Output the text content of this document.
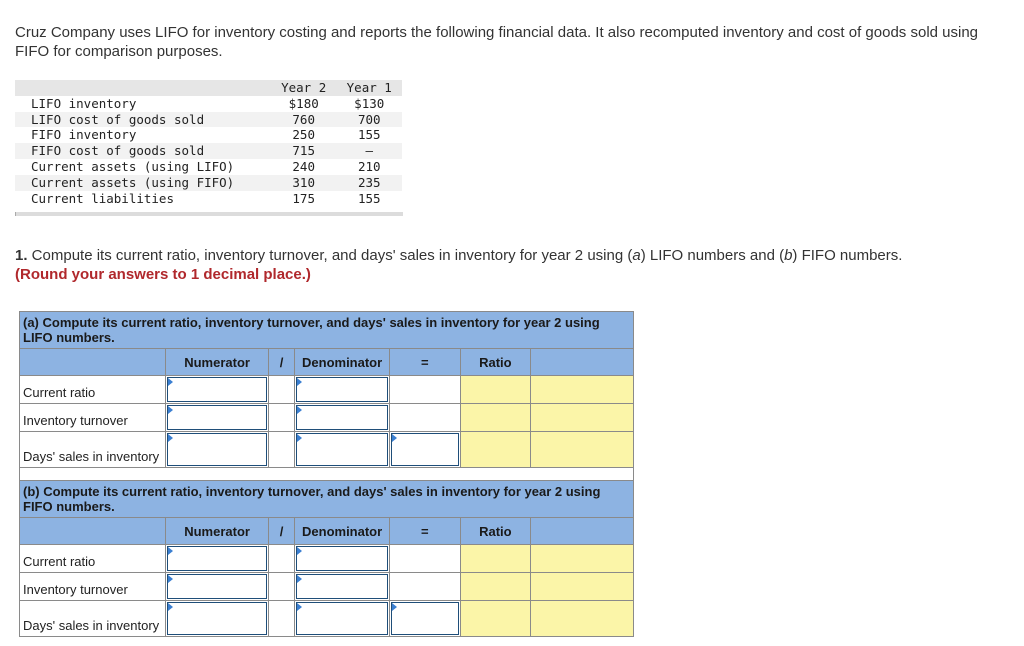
Cruz Company uses LIFO for inventory costing and reports the following financial data. It also recomputed inventory and cost of goods sold using FIFO for comparison purposes.
	Year 2	Year 1
LIFO inventory	$180	$130
LIFO cost of goods sold	760	700
FIFO inventory	250	155
FIFO cost of goods sold	715	–
Current assets (using LIFO)	240	210
Current assets (using FIFO)	310	235
Current liabilities	175	155
1. Compute its current ratio, inventory turnover, and days' sales in inventory for year 2 using (a) LIFO numbers and (b) FIFO numbers.
(Round your answers to 1 decimal place.)
(a) Compute its current ratio, inventory turnover, and days' sales in inventory for year 2 using LIFO numbers.						
	Numerator	/	Denominator	=	Ratio	
Current ratio	

Inventory turnover	

Days' sales in inventory	

(b) Compute its current ratio, inventory turnover, and days' sales in inventory for year 2 using FIFO numbers.						
	Numerator	/	Denominator	=	Ratio	
Current ratio	

Inventory turnover	

Days' sales in inventory	
